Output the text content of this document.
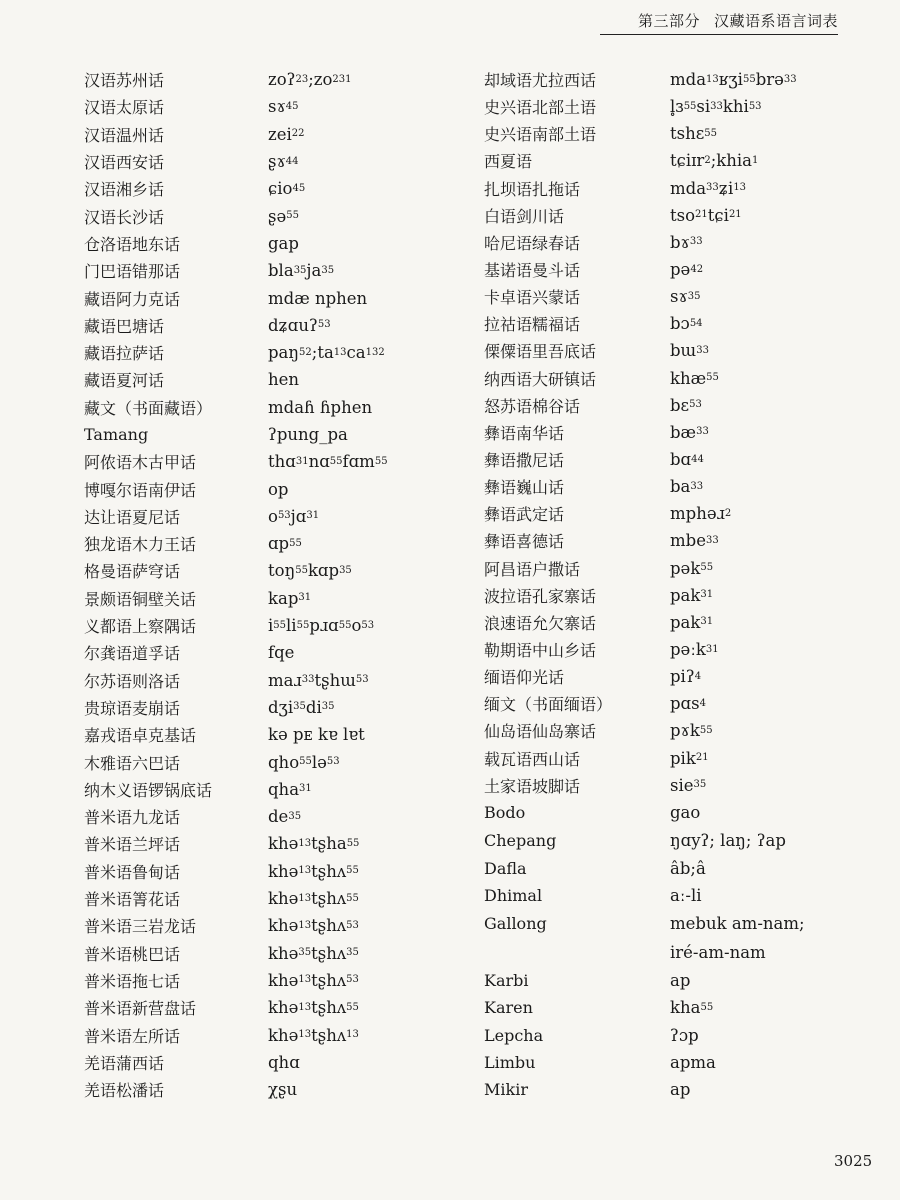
第三部分 汉藏语系语言词表
汉语苏州话
汉语太原话
汉语温州话
汉语西安话
汉语湘乡话
汉语长沙话
仓洛语地东话
门巴语错那话
藏语阿力克话
藏语巴塘话
藏语拉萨话
藏语夏河话
藏文（书面藏语）
Tamang
阿侬语木古甲话
博嘎尔语南伊话
达让语夏尼话
独龙语木力王话
格曼语萨穹话
景颇语铜壁关话
义都语上察隅话
尔龚语道孚话
尔苏语则洛话
贵琼语麦崩话
嘉戎语卓克基话
木雅语六巴话
纳木义语锣锅底话
普米语九龙话
普米语兰坪话
普米语鲁甸话
普米语箐花话
普米语三岩龙话
普米语桃巴话
普米语拖七话
普米语新营盘话
普米语左所话
羌语蒲西话
羌语松潘话
zoʔ 23 ;zo 231
sɤ 45
zei 22
ʂɤ 44
ɕio 45
ʂə 55
gap
bla 35 ja 35
mdæ nphen
dʑɑuʔ 53
paŋ 52 ;ta 13 ca 132
hen
mdaɦ ɦphen
ʔpung_pa
thɑ 31 nɑ 55 fɑm 55
op
o 53 jɑ 31
ɑp 55
toŋ 55 kɑp 35
kap 31
i 55 li 55 pɹɑ 55 o 53
fqe
maɹ 33 tʂhɯ 53
dʒi 35 di 35
kə pᴇ kɐ lɐt
qho 55 lə 53
qha 31
de 35
khə 13 tʂha 55
khə 13 tʂhʌ 55
khə 13 tʂhʌ 55
khə 13 tʂhʌ 53
khə 35 tʂhʌ 35
khə 13 tʂhʌ 53
khə 13 tʂhʌ 55
khə 13 tʂhʌ 13
qhɑ
χʂu
却域语尤拉西话
史兴语北部土语
史兴语南部土语
西夏语
扎坝语扎拖话
白语剑川话
哈尼语绿春话
基诺语曼斗话
卡卓语兴蒙话
拉祜语糯福话
傈僳语里吾底话
纳西语大研镇话
怒苏语棉谷话
彝语南华话
彝语撒尼话
彝语巍山话
彝语武定话
彝语喜德话
阿昌语户撒话
波拉语孔家寨话
浪速语允欠寨话
勒期语中山乡话
缅语仰光话
缅文（书面缅语）
仙岛语仙岛寨话
载瓦语西山话
土家语坡脚话
Bodo
Chepang
Dafla
Dhimal
Gallong
Karbi
Karen
Lepcha
Limbu
Mikir
mda 13 ʁʒi 55 brə 33
l̥ɜ 55 si 33 khi 53
tshɛ 55
tɕiɪr 2 ;khia 1
mda 33 ʑi 13
tso 21 tɕi 21
bɤ 33
pə 42
sɤ 35
bɔ 54
bɯ 33
khæ 55
bɛ 53
bæ 33
bɑ 44
ba 33
mphəɹ 2
mbe 33
pək 55
pak 31
pak 31
pəːk 31
piʔ 4
pɑs 4
pɤk 55
pik 21
sie 35
gao
ŋɑyʔ; laŋ; ʔap
âb;â
aː-li
mebuk am-nam;
iré-am-nam
ap
kha 55
ʔɔp
apma
ap
3025
